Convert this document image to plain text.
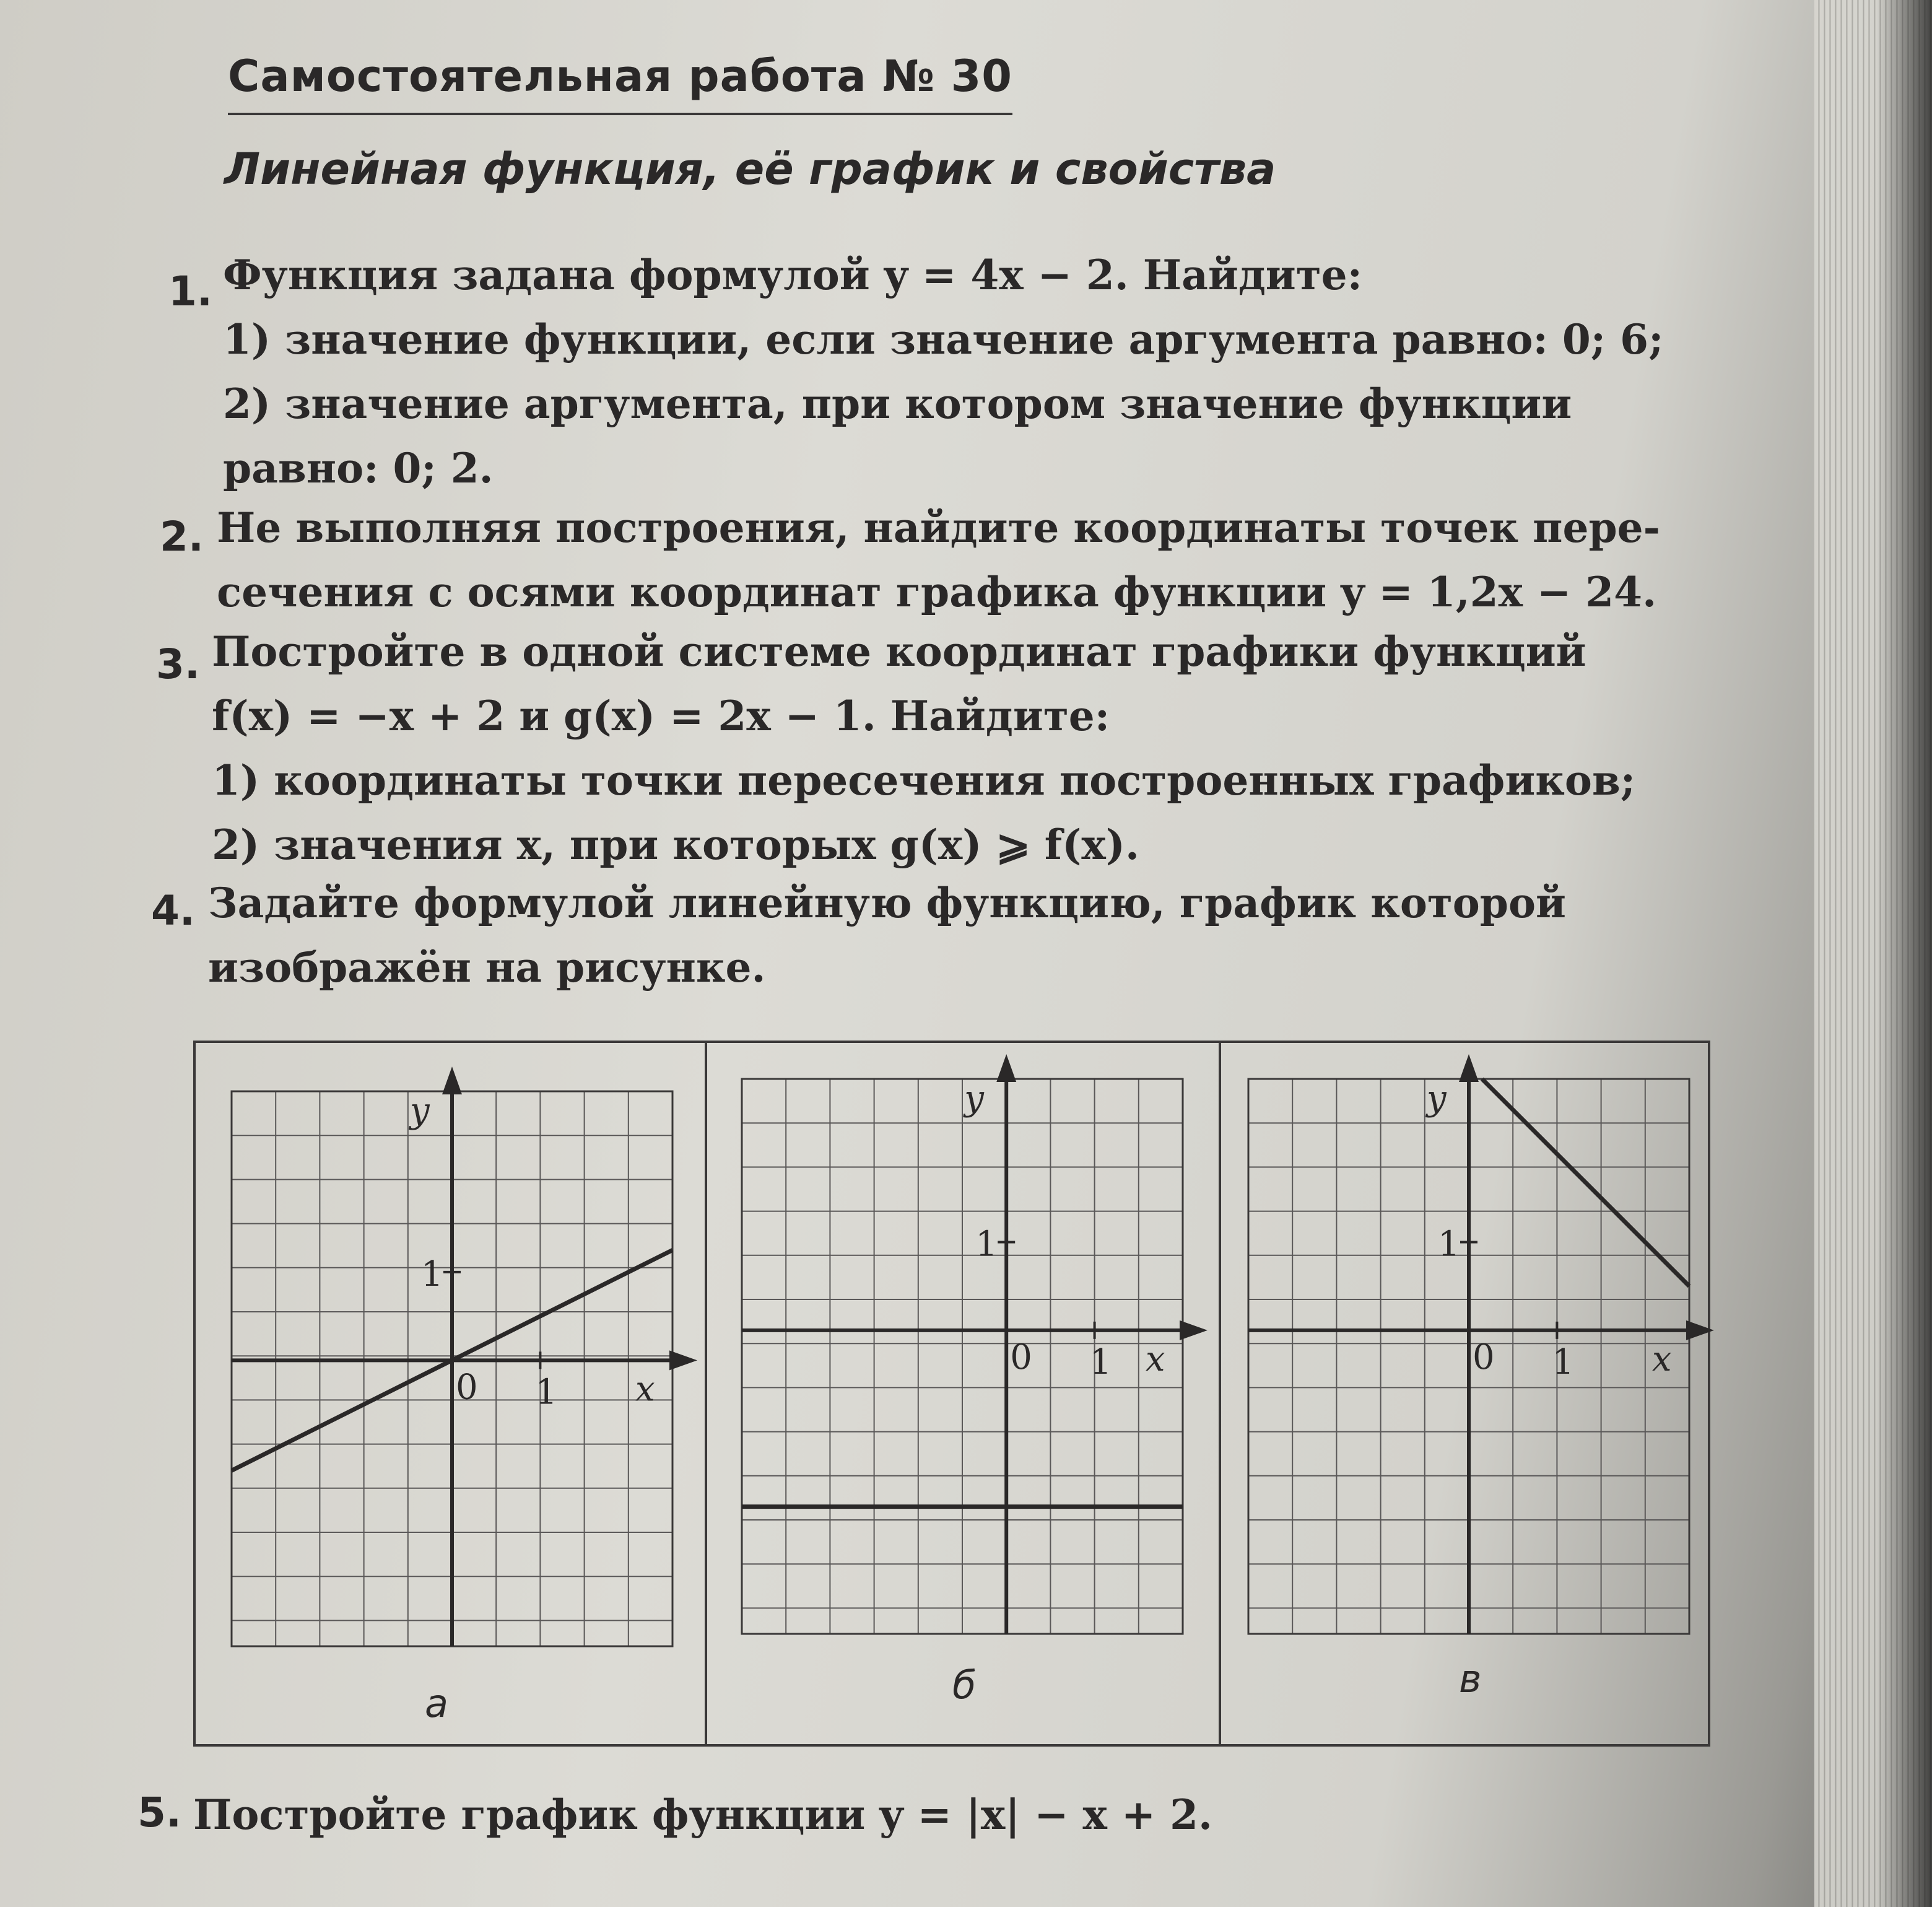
Самостоятельная работа № 30
Линейная функция, её график и свойства
1. Функция задана формулой y = 4x − 2. Найдите:
1) значение функции, если значение аргумента равно: 0; 6;
2) значение аргумента, при котором значение функции
равно: 0; 2.
2. Не выполняя построения, найдите координаты точек пере-
сечения с осями координат графика функции y = 1,2x − 24.
3. Постройте в одной системе координат графики функций
f(x) = −x + 2 и g(x) = 2x − 1. Найдите:
1) координаты точки пересечения построенных графиков;
2) значения x, при которых g(x) ⩾ f(x).
4. Задайте формулой линейную функцию, график которой
изображён на рисунке.
x
y
0 1
1
x
y
0 1
1
x
y
0 1
1
а	б	в
5. Постройте график функции y = |x| − x + 2.
